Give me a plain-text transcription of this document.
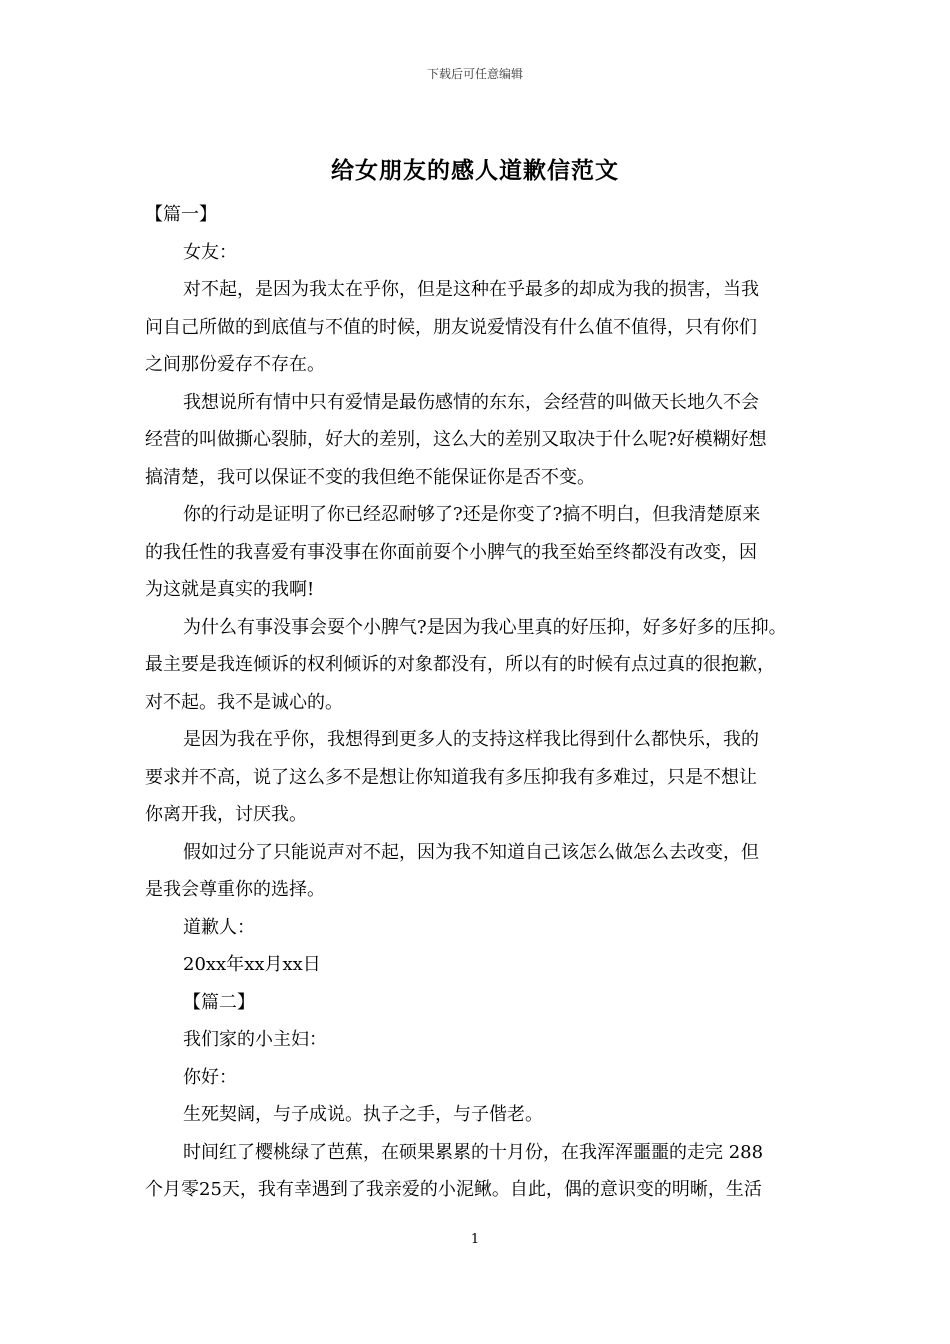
下载后可任意编辑
给女朋友的感人道歉信范文
【篇一】
女友：
对不起，是因为我太在乎你，但是这种在乎最多的却成为我的损害，当我
问自己所做的到底值与不值的时候，朋友说爱情没有什么值不值得，只有你们
之间那份爱存不存在。
我想说所有情中只有爱情是最伤感情的东东，会经营的叫做天长地久不会
经营的叫做撕心裂肺，好大的差别，这么大的差别又取决于什么呢?好模糊好想
搞清楚，我可以保证不变的我但绝不能保证你是否不变。
你的行动是证明了你已经忍耐够了?还是你变了?搞不明白，但我清楚原来
的我任性的我喜爱有事没事在你面前耍个小脾气的我至始至终都没有改变，因
为这就是真实的我啊!
为什么有事没事会耍个小脾气?是因为我心里真的好压抑，好多好多的压抑。
最主要是我连倾诉的权利倾诉的对象都没有，所以有的时候有点过真的很抱歉，
对不起。我不是诚心的。
是因为我在乎你，我想得到更多人的支持这样我比得到什么都快乐，我的
要求并不高，说了这么多不是想让你知道我有多压抑我有多难过，只是不想让
你离开我，讨厌我。
假如过分了只能说声对不起，因为我不知道自己该怎么做怎么去改变，但
是我会尊重你的选择。
道歉人：
20xx年xx月xx日
【篇二】
我们家的小主妇：
你好：
生死契阔，与子成说。执子之手，与子偕老。
时间红了樱桃绿了芭蕉，在硕果累累的十月份，在我浑浑噩噩的走完 288
个月零25天，我有幸遇到了我亲爱的小泥鳅。自此，偶的意识变的明晰，生活
1
